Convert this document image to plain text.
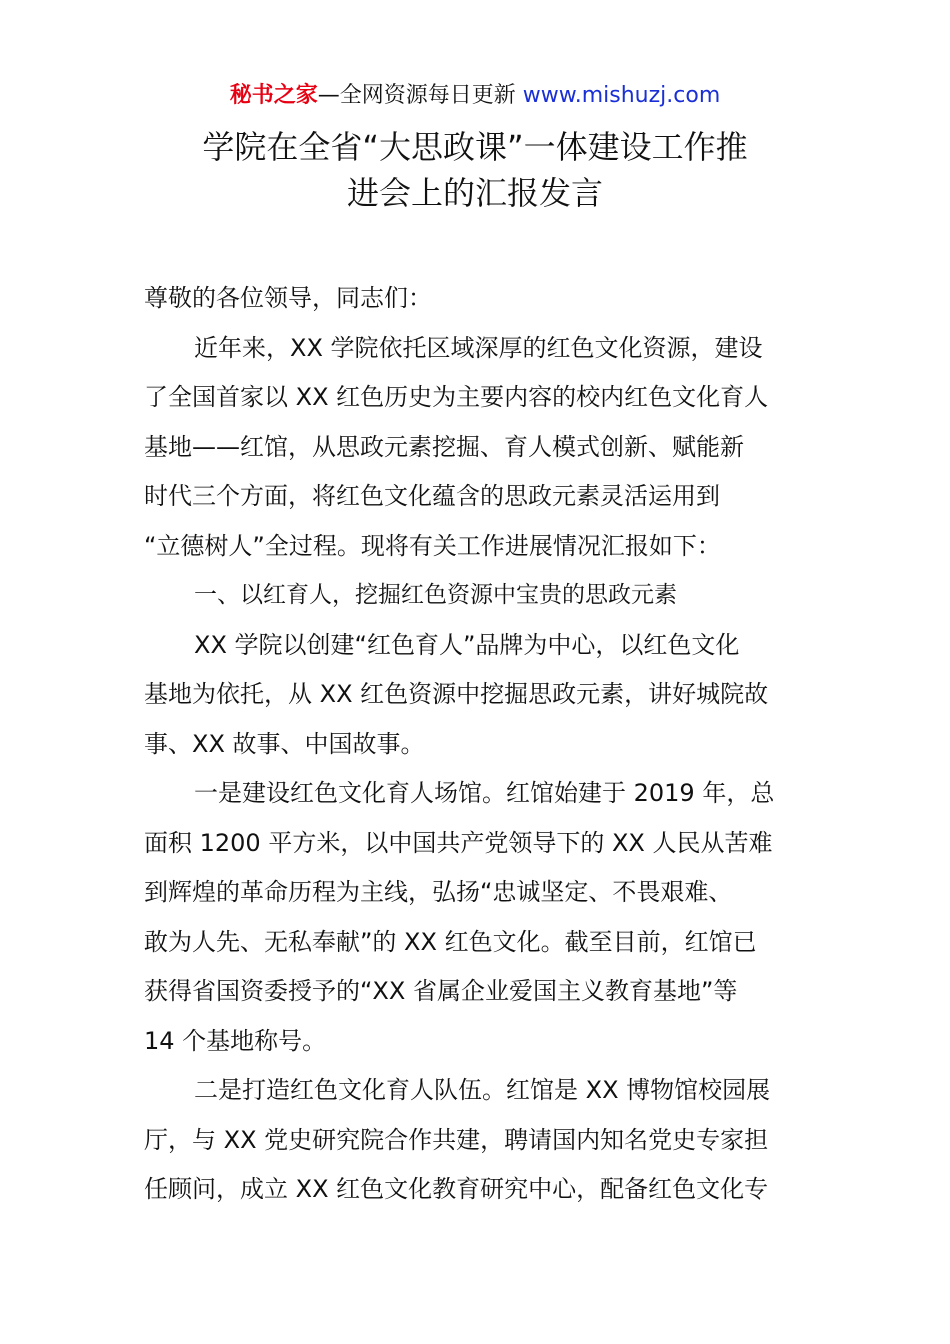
秘书之家—全网资源每日更新 www.mishuzj.com
学院在全省“大思政课”一体建设工作推
进会上的汇报发言
尊敬的各位领导，同志们：
近年来，XX 学院依托区域深厚的红色文化资源，建设
了全国首家以 XX 红色历史为主要内容的校内红色文化育人
基地——红馆，从思政元素挖掘、育人模式创新、赋能新
时代三个方面，将红色文化蕴含的思政元素灵活运用到
“立德树人”全过程。现将有关工作进展情况汇报如下：
一、以红育人，挖掘红色资源中宝贵的思政元素
XX 学院以创建“红色育人”品牌为中心，以红色文化
基地为依托，从 XX 红色资源中挖掘思政元素，讲好城院故
事、XX 故事、中国故事。
一是建设红色文化育人场馆。红馆始建于 2019 年，总
面积 1200 平方米，以中国共产党领导下的 XX 人民从苦难
到辉煌的革命历程为主线，弘扬“忠诚坚定、不畏艰难、
敢为人先、无私奉献”的 XX 红色文化。截至目前，红馆已
获得省国资委授予的“XX 省属企业爱国主义教育基地”等
14 个基地称号。
二是打造红色文化育人队伍。红馆是 XX 博物馆校园展
厅，与 XX 党史研究院合作共建，聘请国内知名党史专家担
任顾问，成立 XX 红色文化教育研究中心，配备红色文化专
